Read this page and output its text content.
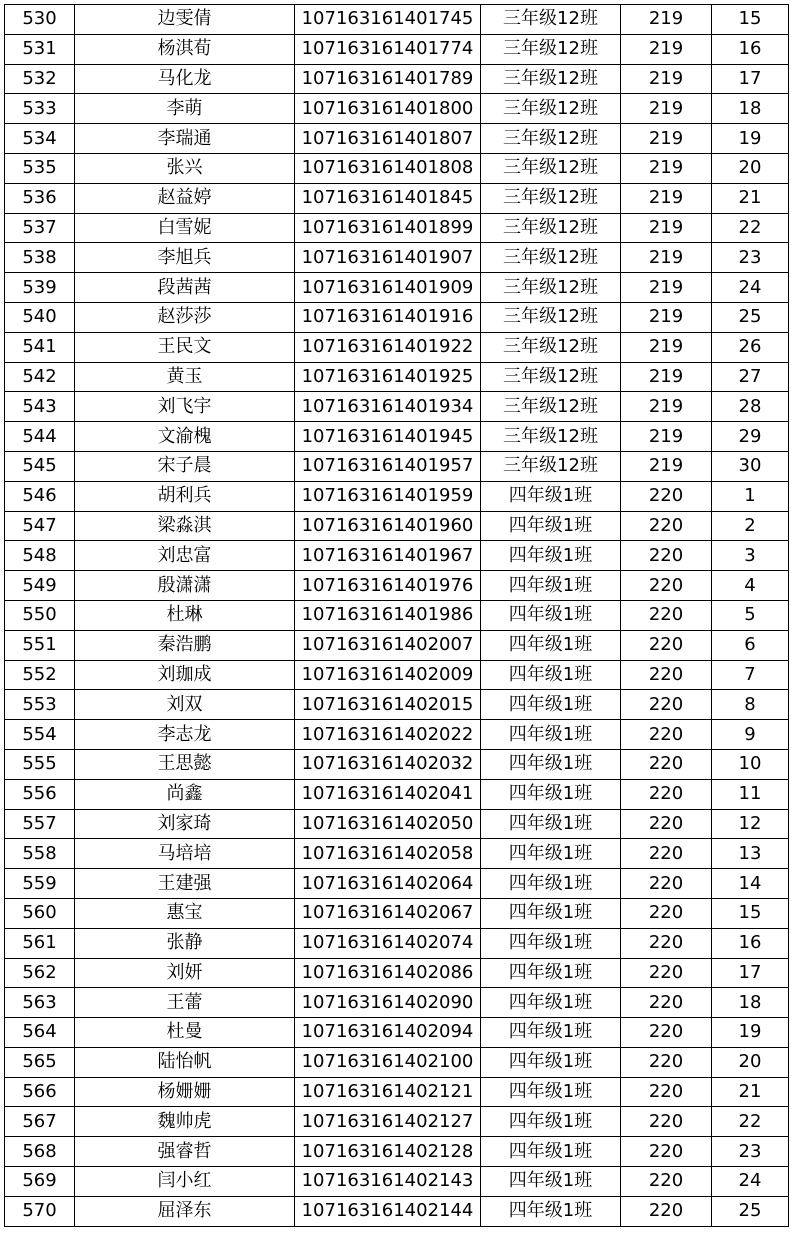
530	边雯倩	107163161401745	三年级12班	219	15
531	杨淇荀	107163161401774	三年级12班	219	16
532	马化龙	107163161401789	三年级12班	219	17
533	李萌	107163161401800	三年级12班	219	18
534	李瑞通	107163161401807	三年级12班	219	19
535	张兴	107163161401808	三年级12班	219	20
536	赵益婷	107163161401845	三年级12班	219	21
537	白雪妮	107163161401899	三年级12班	219	22
538	李旭兵	107163161401907	三年级12班	219	23
539	段茜茜	107163161401909	三年级12班	219	24
540	赵莎莎	107163161401916	三年级12班	219	25
541	王民文	107163161401922	三年级12班	219	26
542	黄玉	107163161401925	三年级12班	219	27
543	刘飞宇	107163161401934	三年级12班	219	28
544	文渝槐	107163161401945	三年级12班	219	29
545	宋子晨	107163161401957	三年级12班	219	30
546	胡利兵	107163161401959	四年级1班	220	1
547	梁淼淇	107163161401960	四年级1班	220	2
548	刘忠富	107163161401967	四年级1班	220	3
549	殷潇潇	107163161401976	四年级1班	220	4
550	杜琳	107163161401986	四年级1班	220	5
551	秦浩鹏	107163161402007	四年级1班	220	6
552	刘珈成	107163161402009	四年级1班	220	7
553	刘双	107163161402015	四年级1班	220	8
554	李志龙	107163161402022	四年级1班	220	9
555	王思懿	107163161402032	四年级1班	220	10
556	尚鑫	107163161402041	四年级1班	220	11
557	刘家琦	107163161402050	四年级1班	220	12
558	马培培	107163161402058	四年级1班	220	13
559	王建强	107163161402064	四年级1班	220	14
560	惠宝	107163161402067	四年级1班	220	15
561	张静	107163161402074	四年级1班	220	16
562	刘妍	107163161402086	四年级1班	220	17
563	王蕾	107163161402090	四年级1班	220	18
564	杜曼	107163161402094	四年级1班	220	19
565	陆怡帆	107163161402100	四年级1班	220	20
566	杨姗姗	107163161402121	四年级1班	220	21
567	魏帅虎	107163161402127	四年级1班	220	22
568	强睿哲	107163161402128	四年级1班	220	23
569	闫小红	107163161402143	四年级1班	220	24
570	屈泽东	107163161402144	四年级1班	220	25
